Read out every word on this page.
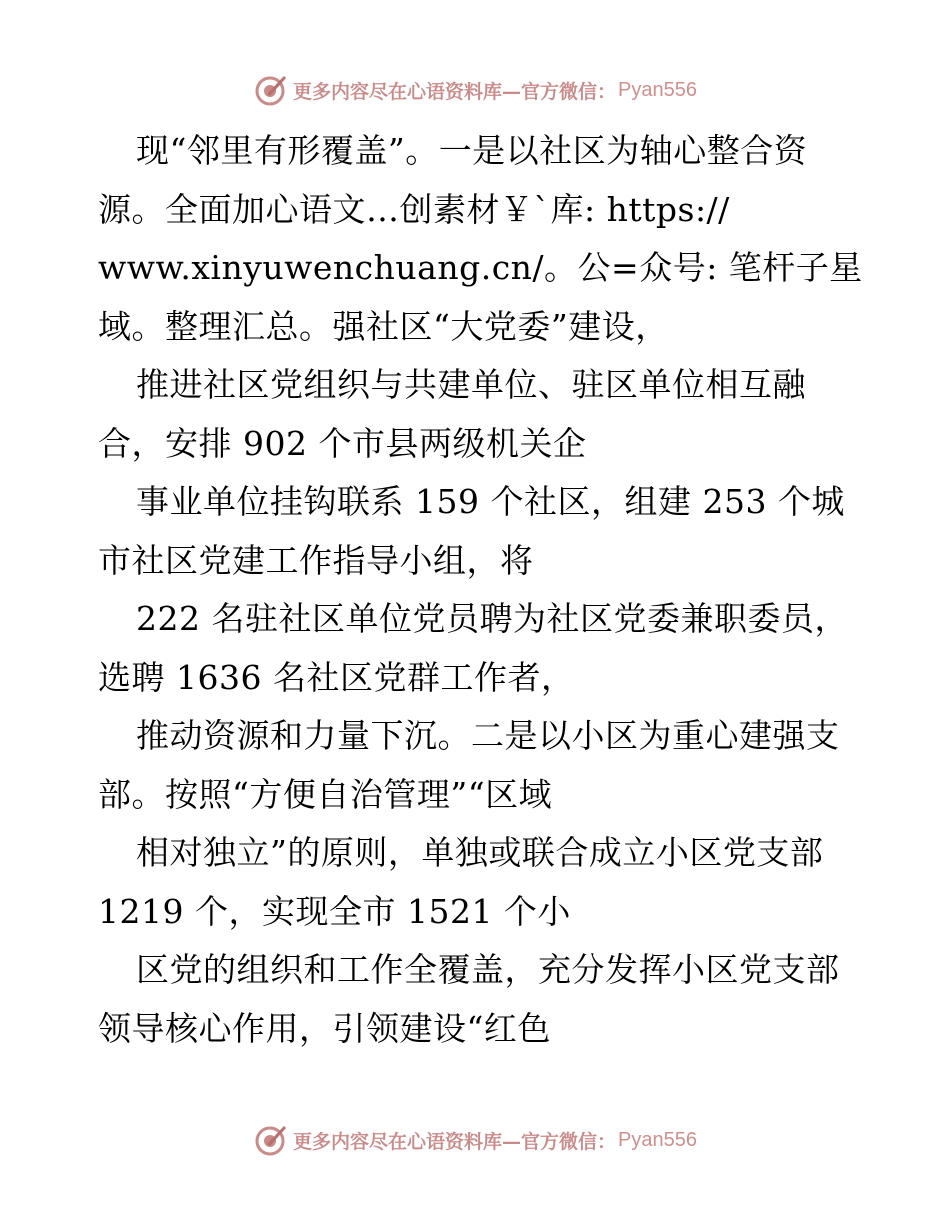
更多内容尽在心语资料库—官方微信： Pyan556
现“邻里有形覆盖”。一是以社区为轴心整合资
源。全面加心语文…创素材￥`库: https://
www.xinyuwenchuang.cn/。公=众号: 笔杆子星
域。整理汇总。强社区“大党委”建设，
推进社区党组织与共建单位、驻区单位相互融
合，安排 902 个市县两级机关企
事业单位挂钩联系 159 个社区，组建 253 个城
市社区党建工作指导小组，将
222 名驻社区单位党员聘为社区党委兼职委员，
选聘 1636 名社区党群工作者，
推动资源和力量下沉。二是以小区为重心建强支
部。按照“方便自治管理”“区域
相对独立”的原则，单独或联合成立小区党支部
1219 个，实现全市 1521 个小
区党的组织和工作全覆盖，充分发挥小区党支部
领导核心作用，引领建设“红色
更多内容尽在心语资料库—官方微信： Pyan556
